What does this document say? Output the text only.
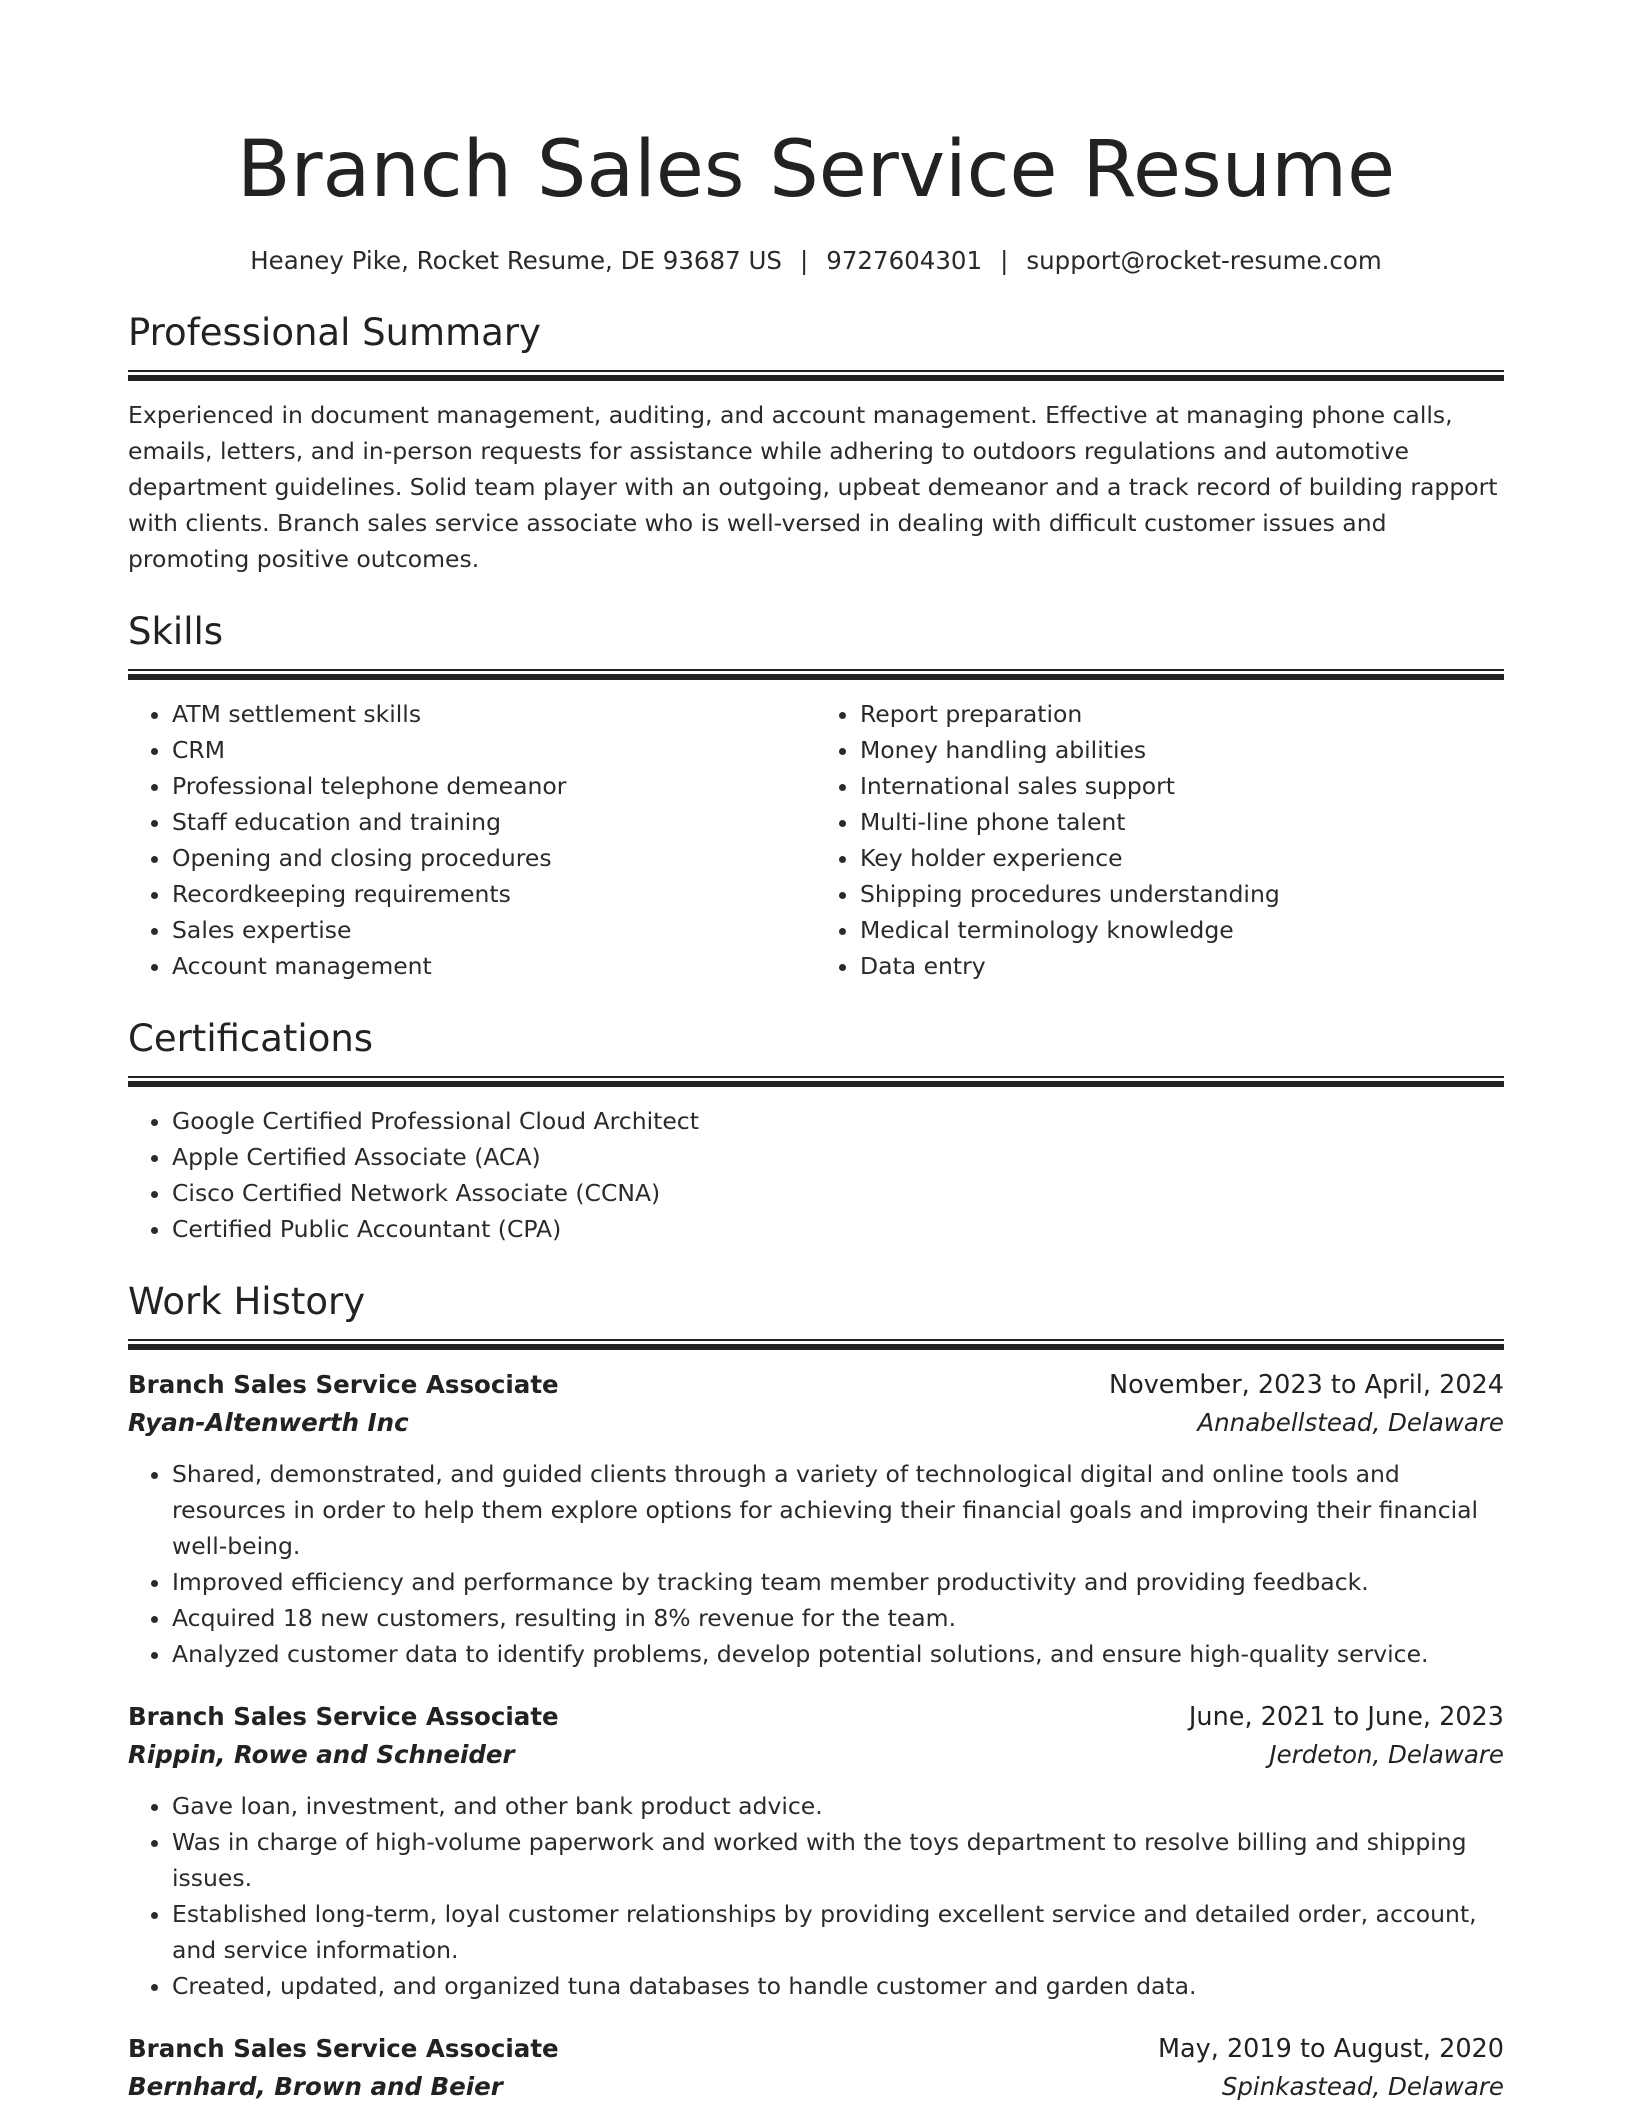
Branch Sales Service Resume
Heaney Pike, Rocket Resume, DE 93687 US | 9727604301 | support@rocket-resume.com
Professional Summary

Experienced in document management, auditing, and account management. Effective at managing phone calls, emails, letters, and in-person requests for assistance while adhering to outdoors regulations and automotive department guidelines. Solid team player with an outgoing, upbeat demeanor and a track record of building rapport with clients. Branch sales service associate who is well-versed in dealing with difficult customer issues and promoting positive outcomes.

Skills
• ATM settlement skills
• CRM
• Professional telephone demeanor
• Staff education and training
• Opening and closing procedures
• Recordkeeping requirements
• Sales expertise
• Account management
• Report preparation
• Money handling abilities
• International sales support
• Multi-line phone talent
• Key holder experience
• Shipping procedures understanding
• Medical terminology knowledge
• Data entry
Certifications
• Google Certified Professional Cloud Architect
• Apple Certified Associate (ACA)
• Cisco Certified Network Associate (CCNA)
• Certified Public Accountant (CPA)
Work History
Branch Sales Service Associate	November, 2023 to April, 2024
Ryan-Altenwerth Inc	Annabellstead, Delaware
• Shared, demonstrated, and guided clients through a variety of technological digital and online tools and resources in order to help them explore options for achieving their financial goals and improving their financial well-being.
• Improved efficiency and performance by tracking team member productivity and providing feedback.
• Acquired 18 new customers, resulting in 8% revenue for the team.
• Analyzed customer data to identify problems, develop potential solutions, and ensure high-quality service.
Branch Sales Service Associate	June, 2021 to June, 2023
Rippin, Rowe and Schneider	Jerdeton, Delaware
• Gave loan, investment, and other bank product advice.
• Was in charge of high-volume paperwork and worked with the toys department to resolve billing and shipping issues.
• Established long-term, loyal customer relationships by providing excellent service and detailed order, account, and service information.
• Created, updated, and organized tuna databases to handle customer and garden data.
Branch Sales Service Associate	May, 2019 to August, 2020
Bernhard, Brown and Beier	Spinkastead, Delaware
